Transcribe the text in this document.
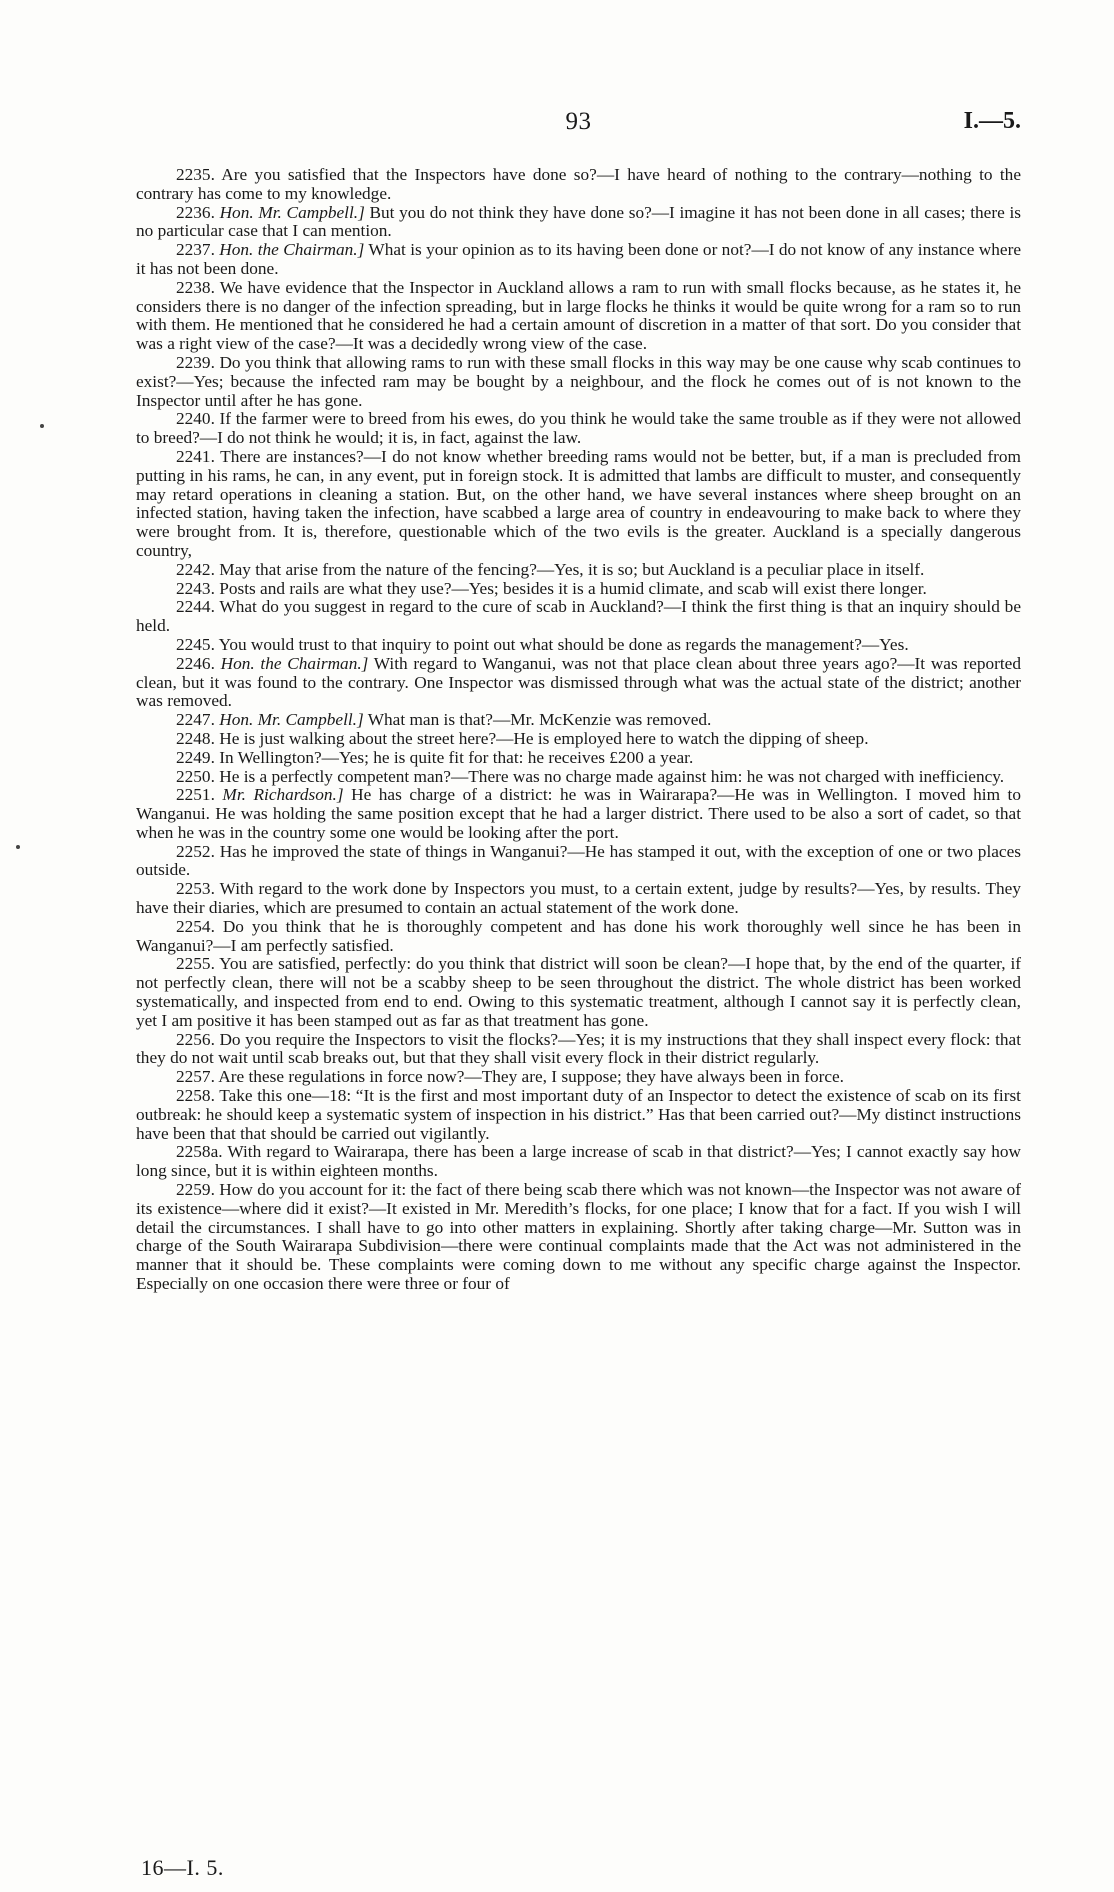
93	I.—5.

2235. Are you satisfied that the Inspectors have done so?—I have heard of nothing to the contrary—nothing to the contrary has come to my knowledge.

2236. Hon. Mr. Campbell.] But you do not think they have done so?—I imagine it has not been done in all cases; there is no particular case that I can mention.

2237. Hon. the Chairman.] What is your opinion as to its having been done or not?—I do not know of any instance where it has not been done.

2238. We have evidence that the Inspector in Auckland allows a ram to run with small flocks because, as he states it, he considers there is no danger of the infection spreading, but in large flocks he thinks it would be quite wrong for a ram so to run with them. He mentioned that he considered he had a certain amount of discretion in a matter of that sort. Do you consider that was a right view of the case?—It was a decidedly wrong view of the case.

2239. Do you think that allowing rams to run with these small flocks in this way may be one cause why scab continues to exist?—Yes; because the infected ram may be bought by a neighbour, and the flock he comes out of is not known to the Inspector until after he has gone.

2240. If the farmer were to breed from his ewes, do you think he would take the same trouble as if they were not allowed to breed?—I do not think he would; it is, in fact, against the law.

2241. There are instances?—I do not know whether breeding rams would not be better, but, if a man is precluded from putting in his rams, he can, in any event, put in foreign stock. It is admitted that lambs are difficult to muster, and consequently may retard operations in cleaning a station. But, on the other hand, we have several instances where sheep brought on an infected station, having taken the infection, have scabbed a large area of country in endeavouring to make back to where they were brought from. It is, therefore, questionable which of the two evils is the greater. Auckland is a specially dangerous country,

2242. May that arise from the nature of the fencing?—Yes, it is so; but Auckland is a peculiar place in itself.

2243. Posts and rails are what they use?—Yes; besides it is a humid climate, and scab will exist there longer.

2244. What do you suggest in regard to the cure of scab in Auckland?—I think the first thing is that an inquiry should be held.

2245. You would trust to that inquiry to point out what should be done as regards the management?—Yes.

2246. Hon. the Chairman.] With regard to Wanganui, was not that place clean about three years ago?—It was reported clean, but it was found to the contrary. One Inspector was dismissed through what was the actual state of the district; another was removed.

2247. Hon. Mr. Campbell.] What man is that?—Mr. McKenzie was removed.

2248. He is just walking about the street here?—He is employed here to watch the dipping of sheep.

2249. In Wellington?—Yes; he is quite fit for that: he receives £200 a year.

2250. He is a perfectly competent man?—There was no charge made against him: he was not charged with inefficiency.

2251. Mr. Richardson.] He has charge of a district: he was in Wairarapa?—He was in Wellington. I moved him to Wanganui. He was holding the same position except that he had a larger district. There used to be also a sort of cadet, so that when he was in the country some one would be looking after the port.

2252. Has he improved the state of things in Wanganui?—He has stamped it out, with the exception of one or two places outside.

2253. With regard to the work done by Inspectors you must, to a certain extent, judge by results?—Yes, by results. They have their diaries, which are presumed to contain an actual statement of the work done.

2254. Do you think that he is thoroughly competent and has done his work thoroughly well since he has been in Wanganui?—I am perfectly satisfied.

2255. You are satisfied, perfectly: do you think that district will soon be clean?—I hope that, by the end of the quarter, if not perfectly clean, there will not be a scabby sheep to be seen throughout the district. The whole district has been worked systematically, and inspected from end to end. Owing to this systematic treatment, although I cannot say it is perfectly clean, yet I am positive it has been stamped out as far as that treatment has gone.

2256. Do you require the Inspectors to visit the flocks?—Yes; it is my instructions that they shall inspect every flock: that they do not wait until scab breaks out, but that they shall visit every flock in their district regularly.

2257. Are these regulations in force now?—They are, I suppose; they have always been in force.

2258. Take this one—18: “It is the first and most important duty of an Inspector to detect the existence of scab on its first outbreak: he should keep a systematic system of inspection in his district.” Has that been carried out?—My distinct instructions have been that that should be carried out vigilantly.

2258a. With regard to Wairarapa, there has been a large increase of scab in that district?—Yes; I cannot exactly say how long since, but it is within eighteen months.

2259. How do you account for it: the fact of there being scab there which was not known—the Inspector was not aware of its existence—where did it exist?—It existed in Mr. Meredith’s flocks, for one place; I know that for a fact. If you wish I will detail the circumstances. I shall have to go into other matters in explaining. Shortly after taking charge—Mr. Sutton was in charge of the South Wairarapa Subdivision—there were continual complaints made that the Act was not administered in the manner that it should be. These complaints were coming down to me without any specific charge against the Inspector. Especially on one occasion there were three or four of

16—I. 5.
